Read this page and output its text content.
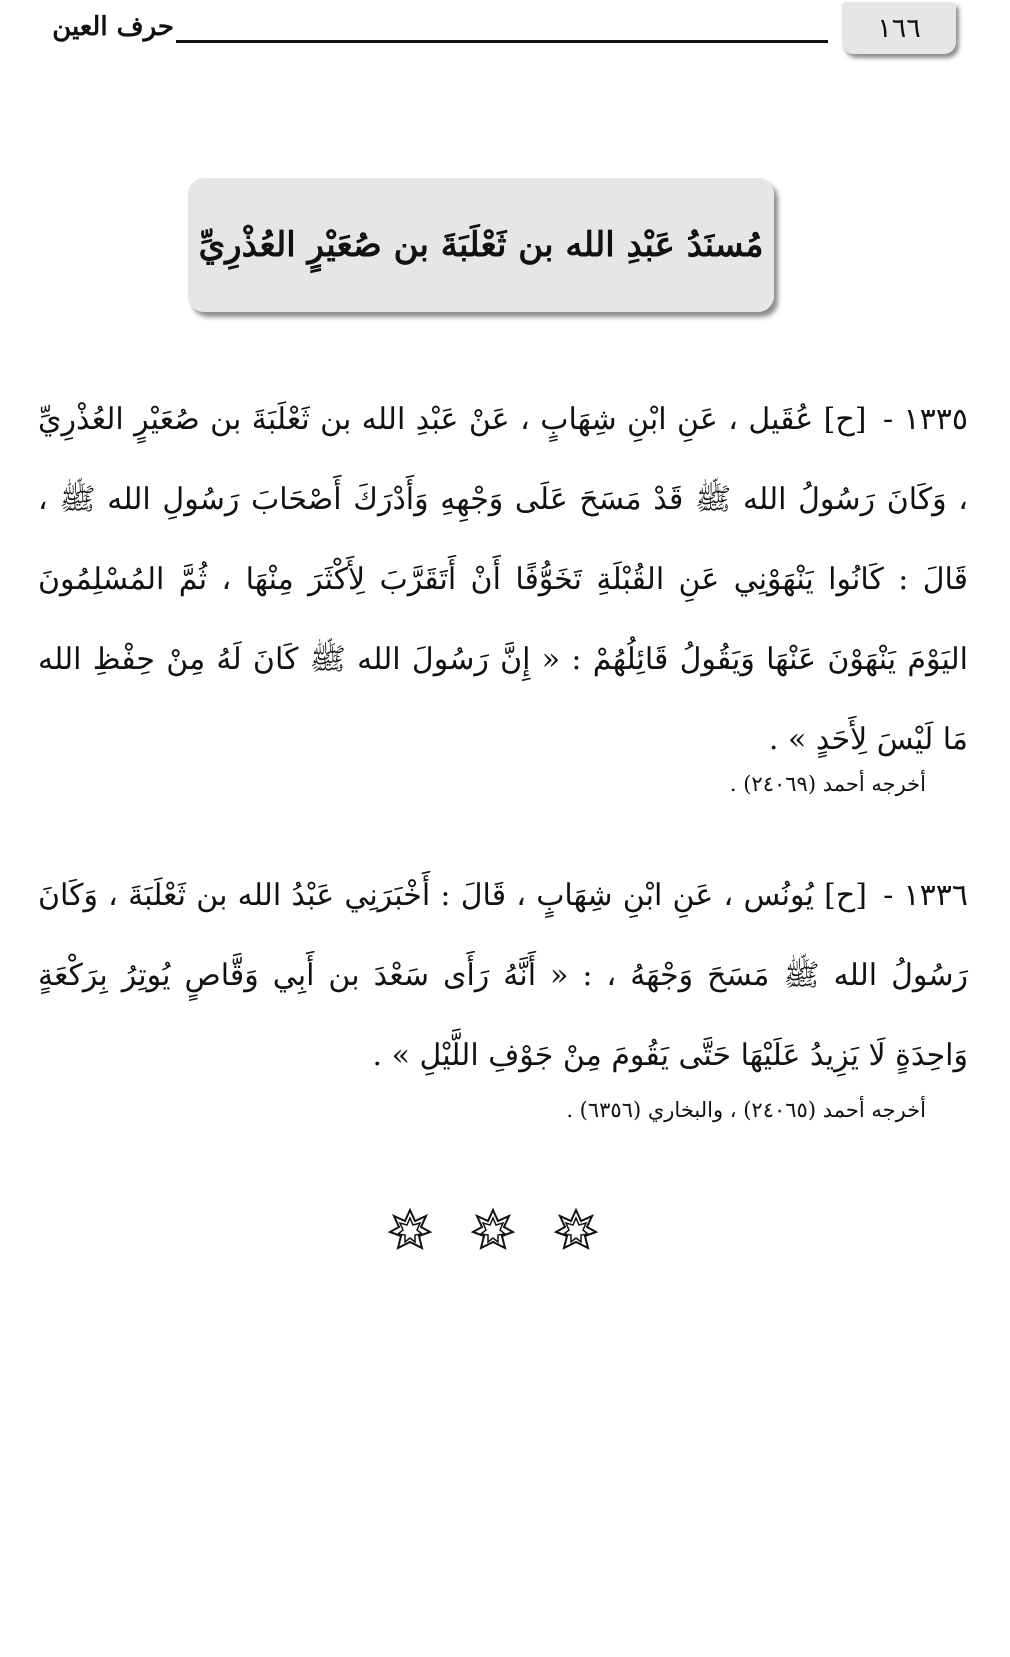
١٦٦
حرف العين
مُسنَدُ عَبْدِ الله بن ثَعْلَبَةَ بن صُعَيْرٍ العُذْرِيِّ
١٣٣٥ - [ح] عُقَيل ، عَنِ ابْنِ شِهَابٍ ، عَنْ عَبْدِ الله بن ثَعْلَبَةَ بن صُعَيْرٍ العُذْرِيِّ ، وَكَانَ رَسُولُ الله ﷺ قَدْ مَسَحَ عَلَى وَجْهِهِ وَأَدْرَكَ أَصْحَابَ رَسُولِ الله ﷺ ، قَالَ : كَانُوا يَنْهَوْنِي عَنِ القُبْلَةِ تَخَوُّفًا أَنْ أَتَقَرَّبَ لِأَكْثَرَ مِنْهَا ، ثُمَّ المُسْلِمُونَ اليَوْمَ يَنْهَوْنَ عَنْهَا وَيَقُولُ قَائِلُهُمْ : « إِنَّ رَسُولَ الله ﷺ كَانَ لَهُ مِنْ حِفْظِ الله مَا لَيْسَ لِأَحَدٍ » .
أخرجه أحمد (٢٤٠٦٩) .
١٣٣٦ - [ح] يُونُس ، عَنِ ابْنِ شِهَابٍ ، قَالَ : أَخْبَرَنِي عَبْدُ الله بن ثَعْلَبَةَ ، وَكَانَ رَسُولُ الله ﷺ مَسَحَ وَجْهَهُ ، : « أَنَّهُ رَأَى سَعْدَ بن أَبِي وَقَّاصٍ يُوتِرُ بِرَكْعَةٍ وَاحِدَةٍ لَا يَزِيدُ عَلَيْهَا حَتَّى يَقُومَ مِنْ جَوْفِ اللَّيْلِ » .
أخرجه أحمد (٢٤٠٦٥) ، والبخاري (٦٣٥٦) .
